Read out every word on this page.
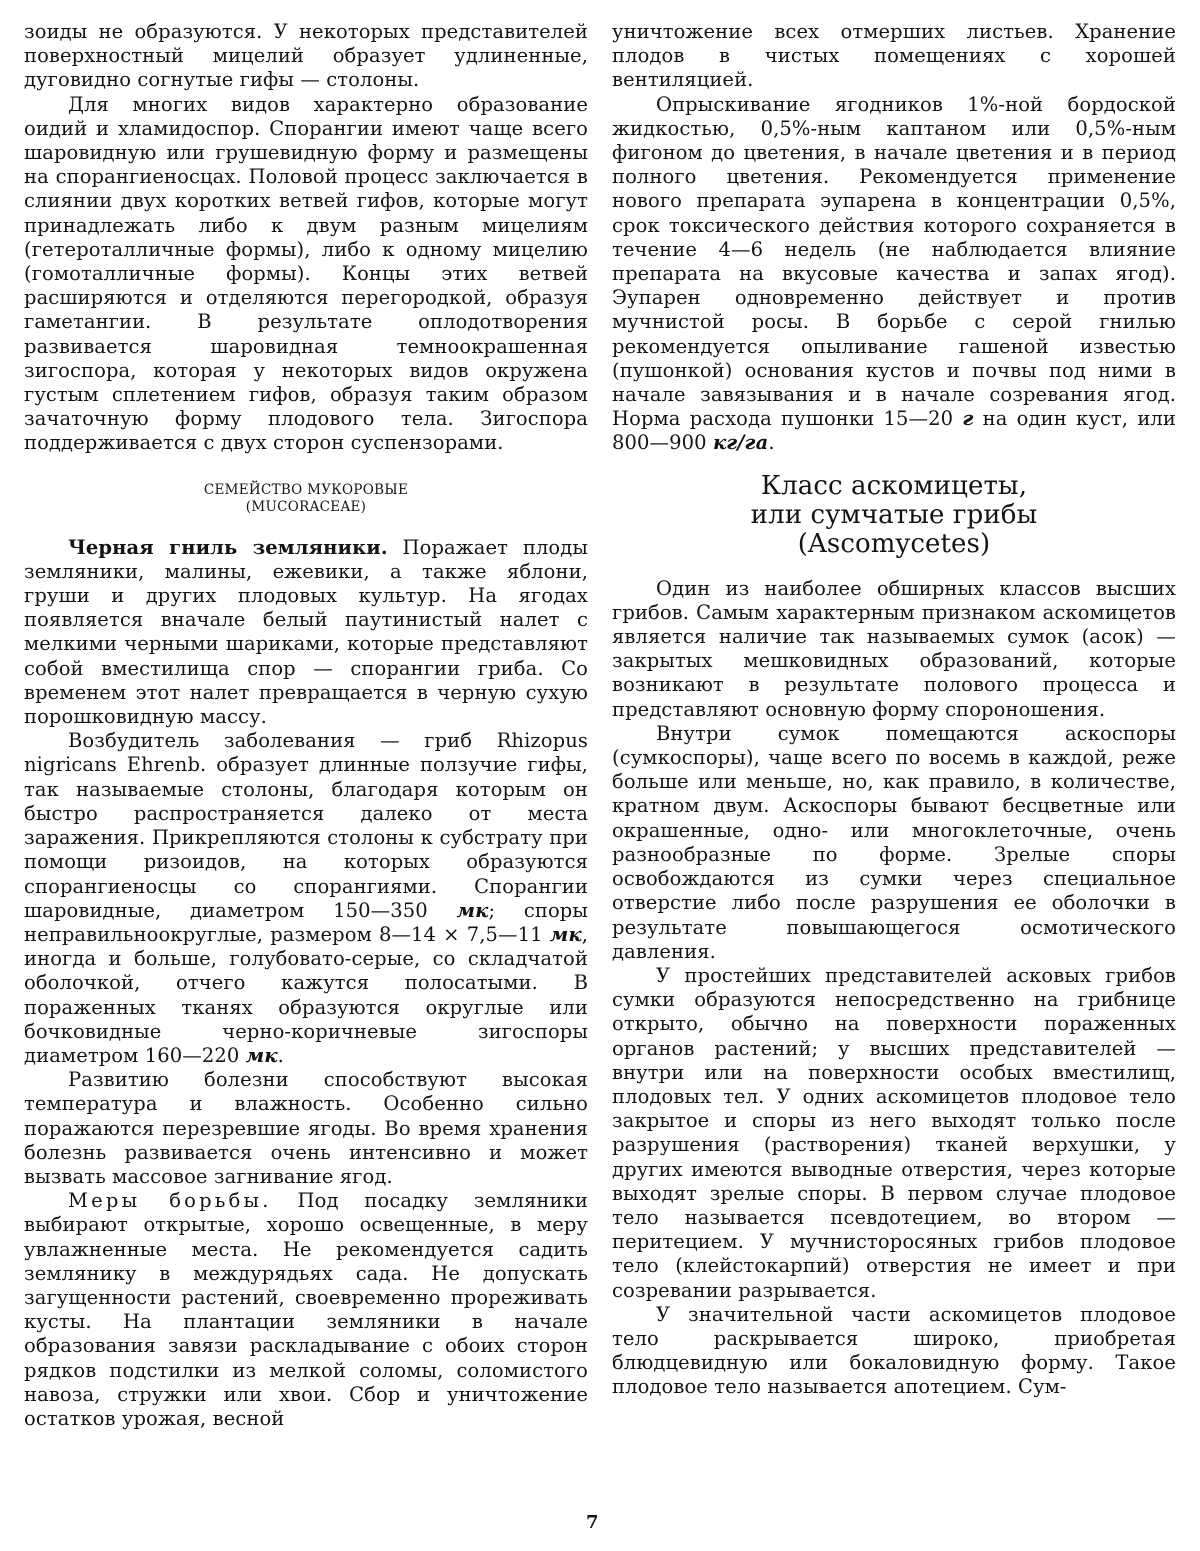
зоиды не образуются. У некоторых представителей поверхностный мицелий образует удлиненные, дуговидно согнутые гифы — столоны.

Для многих видов характерно образование оидий и хламидоспор. Спорангии имеют чаще всего шаровидную или грушевидную форму и размещены на спорангиеносцах. Половой процесс заключается в слиянии двух коротких ветвей гифов, которые могут принадлежать либо к двум разным мицелиям (гетероталличные формы), либо к одному мицелию (гомоталличные формы). Концы этих ветвей расширяются и отделяются перегородкой, образуя гаметангии. В результате оплодотворения развивается шаровидная темноокрашенная зигоспора, которая у некоторых видов окружена густым сплетением гифов, образуя таким образом зачаточную форму плодового тела. Зигоспора поддерживается с двух сторон суспензорами.

СЕМЕЙСТВО МУКОРОВЫЕ
(MUCORACEAE)

Черная гниль земляники. Поражает плоды земляники, малины, ежевики, а также яблони, груши и других плодовых культур. На ягодах появляется вначале белый паутинистый налет с мелкими черными шариками, которые представляют собой вместилища спор — спорангии гриба. Со временем этот налет превращается в черную сухую порошковидную массу.

Возбудитель заболевания — гриб Rhizopus nigricans Ehrenb. образует длинные ползучие гифы, так называемые столоны, благодаря которым он быстро распространяется далеко от места заражения. Прикрепляются столоны к субстрату при помощи ризоидов, на которых образуются спорангиеносцы со спорангиями. Спорангии шаровидные, диаметром 150—350 мк; споры неправильноокруглые, размером 8—14 × 7,5—11 мк, иногда и больше, голубовато-серые, со складчатой оболочкой, отчего кажутся полосатыми. В пораженных тканях образуются округлые или бочковидные черно-коричневые зигоспоры диаметром 160—220 мк.

Развитию болезни способствуют высокая температура и влажность. Особенно сильно поражаются перезревшие ягоды. Во время хранения болезнь развивается очень интенсивно и может вызвать массовое загнивание ягод.

Меры борьбы. Под посадку земляники выбирают открытые, хорошо освещенные, в меру увлажненные места. Не рекомендуется садить землянику в междурядьях сада. Не допускать загущенности растений, своевременно прореживать кусты. На плантации земляники в начале образования завязи раскладывание с обоих сторон рядков подстилки из мелкой соломы, соломистого навоза, стружки или хвои. Сбор и уничтожение остатков урожая, весной

уничтожение всех отмерших листьев. Хранение плодов в чистых помещениях с хорошей вентиляцией.

Опрыскивание ягодников 1%-ной бордоской жидкостью, 0,5%-ным каптаном или 0,5%-ным фигоном до цветения, в начале цветения и в период полного цветения. Рекомендуется применение нового препарата эупарена в концентрации 0,5%, срок токсического действия которого сохраняется в течение 4—6 недель (не наблюдается влияние препарата на вкусовые качества и запах ягод). Эупарен одновременно действует и против мучнистой росы. В борьбе с серой гнилью рекомендуется опыливание гашеной известью (пушонкой) основания кустов и почвы под ними в начале завязывания и в начале созревания ягод. Норма расхода пушонки 15—20 г на один куст, или 800—900 кг/га.

Класс аскомицеты,
или сумчатые грибы
(Ascomycetes)

Один из наиболее обширных классов высших грибов. Самым характерным признаком аскомицетов является наличие так называемых сумок (асок) — закрытых мешковидных образований, которые возникают в результате полового процесса и представляют основную форму спороношения.

Внутри сумок помещаются аскоспоры (сумкоспоры), чаще всего по восемь в каждой, реже больше или меньше, но, как правило, в количестве, кратном двум. Аскоспоры бывают бесцветные или окрашенные, одно- или многоклеточные, очень разнообразные по форме. Зрелые споры освобождаются из сумки через специальное отверстие либо после разрушения ее оболочки в результате повышающегося осмотического давления.

У простейших представителей асковых грибов сумки образуются непосредственно на грибнице открыто, обычно на поверхности пораженных органов растений; у высших представителей — внутри или на поверхности особых вместилищ, плодовых тел. У одних аскомицетов плодовое тело закрытое и споры из него выходят только после разрушения (растворения) тканей верхушки, у других имеются выводные отверстия, через которые выходят зрелые споры. В первом случае плодовое тело называется псевдотецием, во втором — перитецием. У мучнисторосяных грибов плодовое тело (клейстокарпий) отверстия не имеет и при созревании разрывается.

У значительной части аскомицетов плодовое тело раскрывается широко, приобретая блюдцевидную или бокаловидную форму. Такое плодовое тело называется апотецием. Сум-

7
